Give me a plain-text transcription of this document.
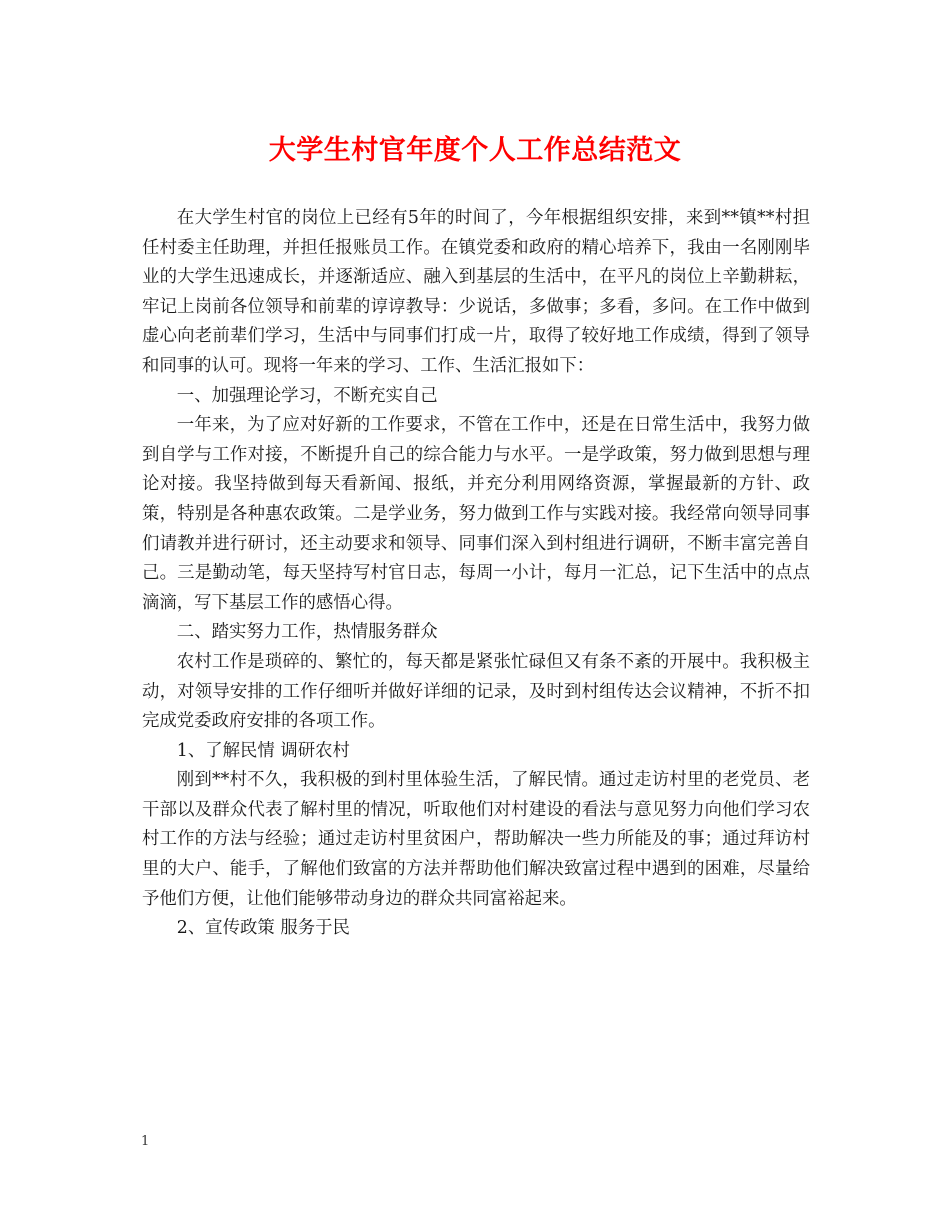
大学生村官年度个人工作总结范文

在大学生村官的岗位上已经有5年的时间了，今年根据组织安排，来到**镇**村担任村委主任助理，并担任报账员工作。在镇党委和政府的精心培养下，我由一名刚刚毕业的大学生迅速成长，并逐渐适应、融入到基层的生活中，在平凡的岗位上辛勤耕耘，牢记上岗前各位领导和前辈的谆谆教导：少说话，多做事；多看，多问。在工作中做到虚心向老前辈们学习，生活中与同事们打成一片，取得了较好地工作成绩，得到了领导和同事的认可。现将一年来的学习、工作、生活汇报如下：

一、加强理论学习，不断充实自己

一年来，为了应对好新的工作要求，不管在工作中，还是在日常生活中，我努力做到自学与工作对接，不断提升自己的综合能力与水平。一是学政策，努力做到思想与理论对接。我坚持做到每天看新闻、报纸，并充分利用网络资源，掌握最新的方针、政策，特别是各种惠农政策。二是学业务，努力做到工作与实践对接。我经常向领导同事们请教并进行研讨，还主动要求和领导、同事们深入到村组进行调研，不断丰富完善自己。三是勤动笔，每天坚持写村官日志，每周一小计，每月一汇总，记下生活中的点点滴滴，写下基层工作的感悟心得。

二、踏实努力工作，热情服务群众

农村工作是琐碎的、繁忙的，每天都是紧张忙碌但又有条不紊的开展中。我积极主动，对领导安排的工作仔细听并做好详细的记录，及时到村组传达会议精神，不折不扣完成党委政府安排的各项工作。

1、了解民情 调研农村

刚到**村不久，我积极的到村里体验生活，了解民情。通过走访村里的老党员、老干部以及群众代表了解村里的情况，听取他们对村建设的看法与意见努力向他们学习农村工作的方法与经验；通过走访村里贫困户，帮助解决一些力所能及的事；通过拜访村里的大户、能手，了解他们致富的方法并帮助他们解决致富过程中遇到的困难，尽量给予他们方便，让他们能够带动身边的群众共同富裕起来。

2、宣传政策 服务于民

1
